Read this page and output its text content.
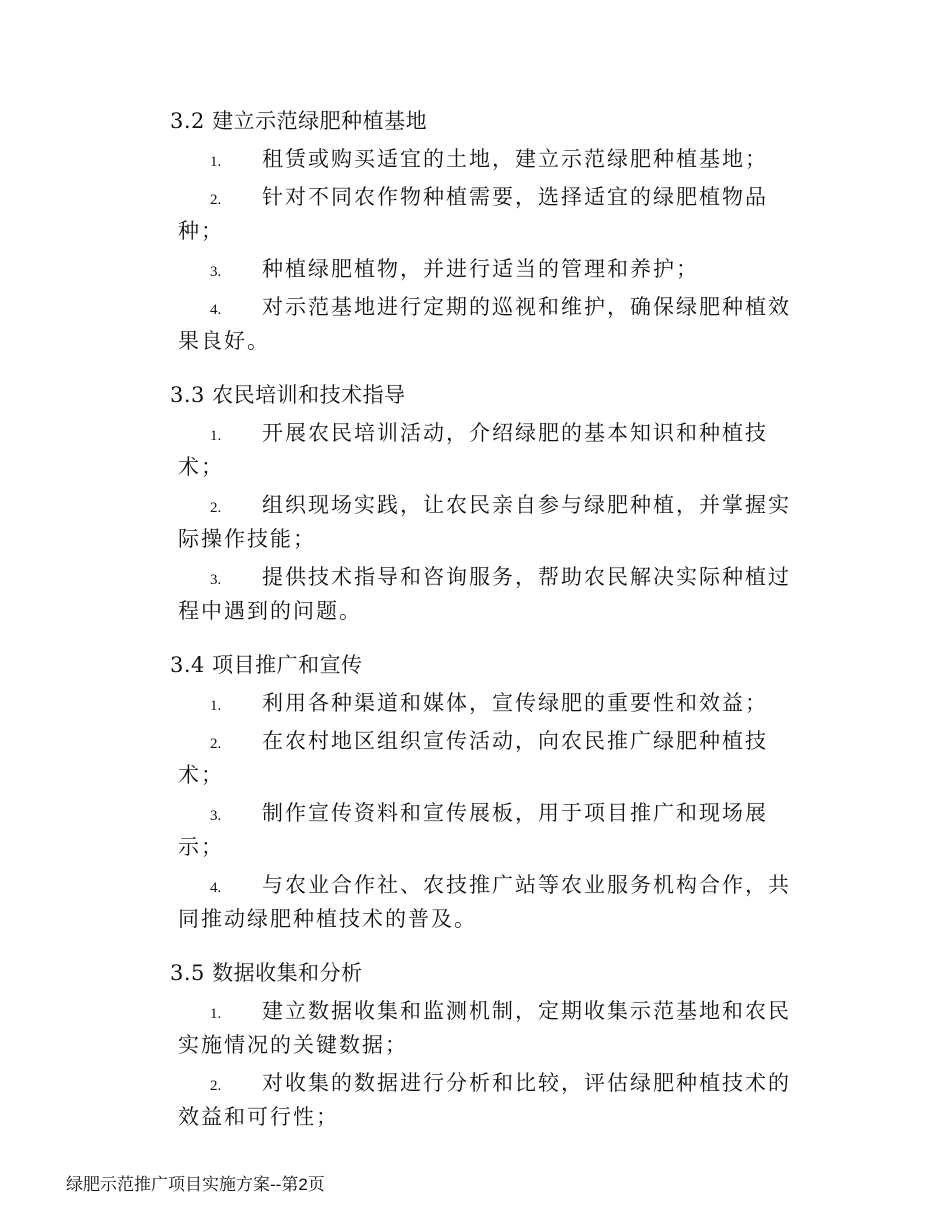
3.2 建立示范绿肥种植基地
1. 租赁或购买适宜的土地，建立示范绿肥种植基地；
2. 针对不同农作物种植需要，选择适宜的绿肥植物品种；
3. 种植绿肥植物，并进行适当的管理和养护；
4. 对示范基地进行定期的巡视和维护，确保绿肥种植效果良好。
3.3 农民培训和技术指导
1. 开展农民培训活动，介绍绿肥的基本知识和种植技术；
2. 组织现场实践，让农民亲自参与绿肥种植，并掌握实际操作技能；
3. 提供技术指导和咨询服务，帮助农民解决实际种植过程中遇到的问题。
3.4 项目推广和宣传
1. 利用各种渠道和媒体，宣传绿肥的重要性和效益；
2. 在农村地区组织宣传活动，向农民推广绿肥种植技术；
3. 制作宣传资料和宣传展板，用于项目推广和现场展示；
4. 与农业合作社、农技推广站等农业服务机构合作，共同推动绿肥种植技术的普及。
3.5 数据收集和分析
1. 建立数据收集和监测机制，定期收集示范基地和农民实施情况的关键数据；
2. 对收集的数据进行分析和比较，评估绿肥种植技术的效益和可行性；
绿肥示范推广项目实施方案--第2页
